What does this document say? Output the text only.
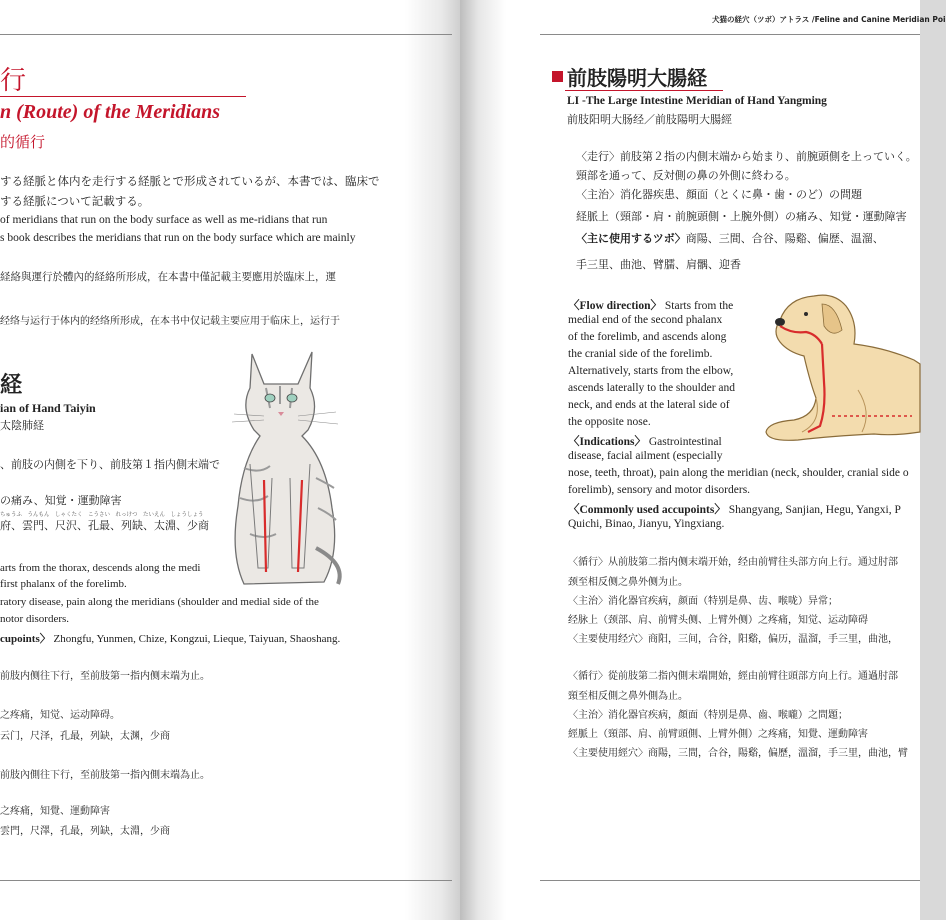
行
n (Route) of the Meridians
的循行
する経脈と体内を走行する経脈とで形成されているが、本書では、臨床で
する経脈について記載する。
of meridians that run on the body surface as well as me-ridians that run
s book describes the meridians that run on the body surface which are mainly
経絡與運行於體內的経絡所形成，在本書中僅記載主要應用於臨床上，運
经络与运行于体内的经络所形成，在本书中仅记载主要应用于临床上，运行于
経
ian of Hand Taiyin
太陰肺経
、前肢の内側を下り、前肢第１指内側末端で
の痛み、知覚・運動障害
ちゅうふ　うんもん　しゃくたく　こうさい　れっけつ　たいえん　しょうしょう
府、雲門、尺沢、孔最、列缺、太淵、少商
arts from the thorax, descends along the medi
first phalanx of the forelimb.
ratory disease, pain along the meridians (shoulder and medial side of the
notor disorders.
cupoints〉 Zhongfu, Yunmen, Chize, Kongzui, Lieque, Taiyuan, Shaoshang.
前肢内侧往下行，至前肢第一指内侧末端为止。
之疼痛，知觉、运动障碍。
云门，尺泽，孔最，列缺，太渊，少商
前肢內側往下行，至前肢第一指內側末端為止。
之疼痛，知覺、運動障害
雲門，尺澤，孔最，列缺，太淵，少商
犬猫の経穴（ツボ）アトラス /Feline and Canine Meridian Poi
前肢陽明大腸経
LI -The Large Intestine Meridian of Hand Yangming
前肢阳明大肠经／前肢陽明大腸經
〈走行〉前肢第２指の内側末端から始まり、前腕頭側を上っていく。
頸部を通って、反対側の鼻の外側に終わる。
〈主治〉消化器疾患、顔面（とくに鼻・歯・のど）の問題
経脈上（頸部・肩・前腕頭側・上腕外側）の痛み、知覚・運動障害
〈主に使用するツボ〉商陽、三間、合谷、陽谿、偏歴、温溜、
手三里、曲池、臂臑、肩髃、迎香
〈Flow direction〉 Starts from the
medial end of the second phalanx
of the forelimb, and ascends along
the cranial side of the forelimb.
Alternatively, starts from the elbow,
ascends laterally to the shoulder and
neck, and ends at the lateral side of
the opposite nose.
〈Indications〉 Gastrointestinal
disease, facial ailment (especially
nose, teeth, throat), pain along the meridian (neck, shoulder, cranial side o
forelimb), sensory and motor disorders.
〈Commonly used accupoints〉 Shangyang, Sanjian, Hegu, Yangxi, P
Quichi, Binao, Jianyu, Yingxiang.
〈循行〉从前肢第二指内侧末端开始，经由前臂往头部方向上行。通过肘部
颈至相反侧之鼻外侧为止。
〈主治〉消化器官疾病，颜面（特别是鼻、齿、喉咙）异常；
经脉上（颈部、肩、前臂头侧、上臂外侧）之疼痛，知觉、运动障碍
〈主要使用经穴〉商阳，三间，合谷，阳谿，偏历，温溜，手三里，曲池，
〈循行〉從前肢第二指內側末端開始，經由前臂往頭部方向上行。通過肘部
頸至相反側之鼻外側為止。
〈主治〉消化器官疾病，顏面（特別是鼻、齒、喉嚨）之問題；
經脈上（頸部、肩、前臂頭側、上臂外側）之疼痛，知覺、運動障害
〈主要使用經穴〉商陽，三間，合谷，陽谿，偏歷，溫溜，手三里，曲池，臂
